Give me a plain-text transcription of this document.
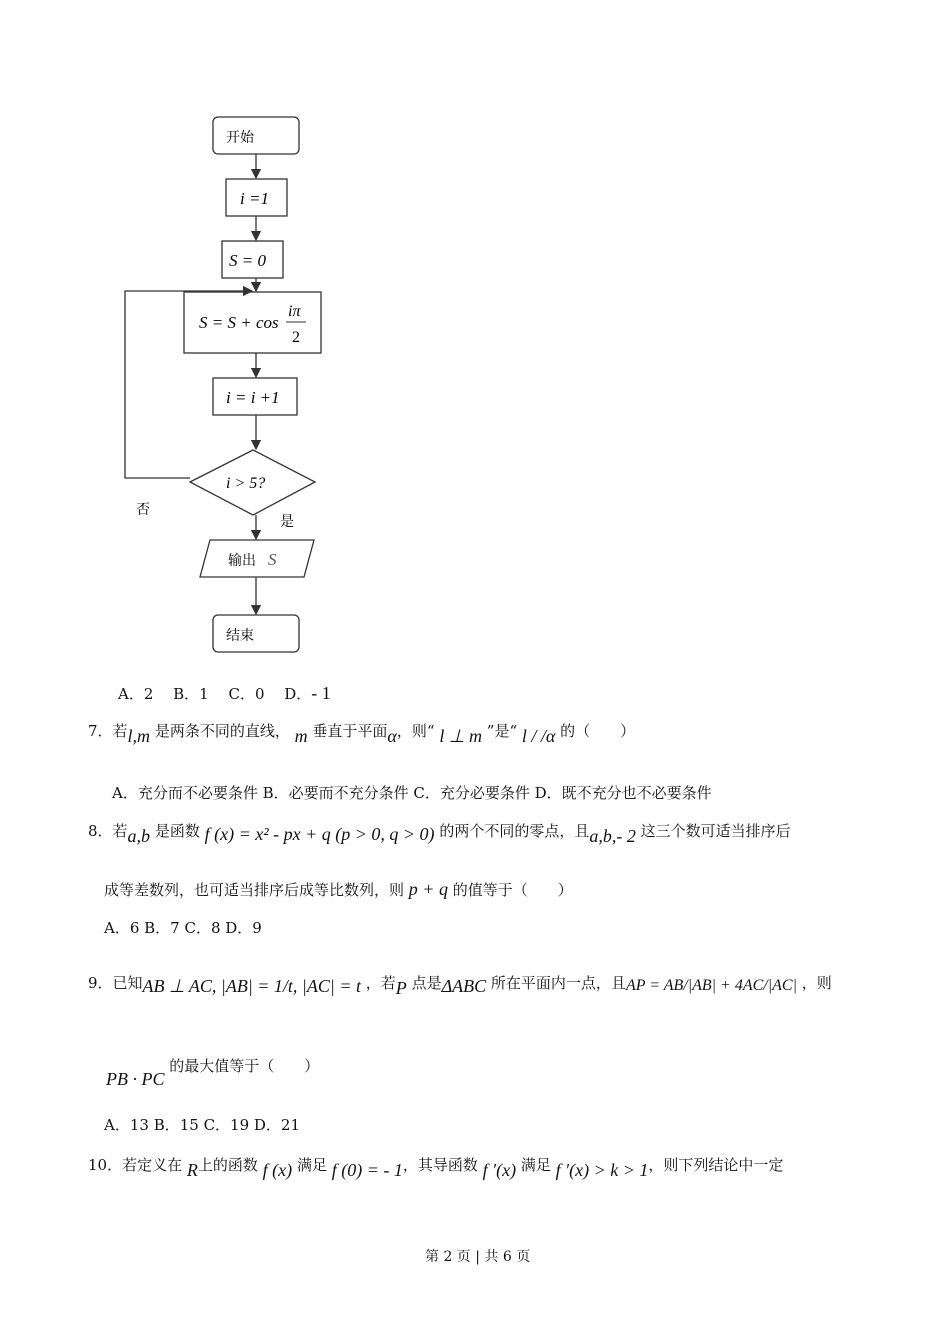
开始
i =1
S = 0
S = S + cos
iπ
2
i = i +1
i > 5?
否
是
输出 S
结束
A．2　 B．1　 C．0　 D．- 1
7．若l,m 是两条不同的直线， m 垂直于平面α，则“ l ⊥ m ”是“ l / /α 的（　　）
A．充分而不必要条件 B．必要而不充分条件 C．充分必要条件 D．既不充分也不必要条件
8．若a,b 是函数 f (x) = x² - px + q (p > 0, q > 0) 的两个不同的零点，且a,b,- 2 这三个数可适当排序后
成等差数列，也可适当排序后成等比数列，则 p + q 的值等于（　　）
A．6 B．7 C．8 D．9
9．已知AB ⊥ AC, |AB| = 1/t, |AC| = t ，若P 点是ΔABC 所在平面内一点，且AP = AB/|AB| + 4AC/|AC| ，则
PB · PC 的最大值等于（　　）
A．13 B．15 C．19 D．21
10．若定义在 R上的函数 f (x) 满足 f (0) = - 1，其导函数 f ′(x) 满足 f ′(x) > k > 1，则下列结论中一定
第 2 页 | 共 6 页
